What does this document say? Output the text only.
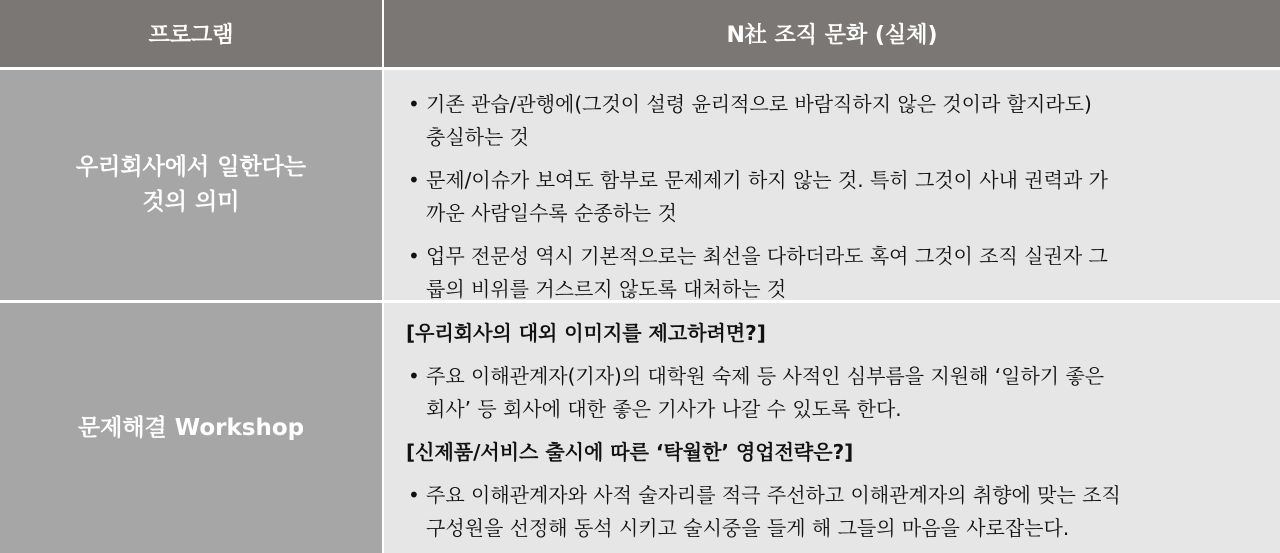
프로그램	N社 조직 문화 (실체)
우리회사에서 일한다는
것의 의미
• 기존 관습/관행에(그것이 설령 윤리적으로 바람직하지 않은 것이라 할지라도)
충실하는 것
• 문제/이슈가 보여도 함부로 문제제기 하지 않는 것. 특히 그것이 사내 권력과 가
까운 사람일수록 순종하는 것
• 업무 전문성 역시 기본적으로는 최선을 다하더라도 혹여 그것이 조직 실권자 그
룹의 비위를 거스르지 않도록 대처하는 것
문제해결 Workshop
[우리회사의 대외 이미지를 제고하려면?]
• 주요 이해관계자(기자)의 대학원 숙제 등 사적인 심부름을 지원해 ‘일하기 좋은
회사’ 등 회사에 대한 좋은 기사가 나갈 수 있도록 한다.
[신제품/서비스 출시에 따른 ‘탁월한’ 영업전략은?]
• 주요 이해관계자와 사적 술자리를 적극 주선하고 이해관계자의 취향에 맞는 조직
구성원을 선정해 동석 시키고 술시중을 들게 해 그들의 마음을 사로잡는다.
